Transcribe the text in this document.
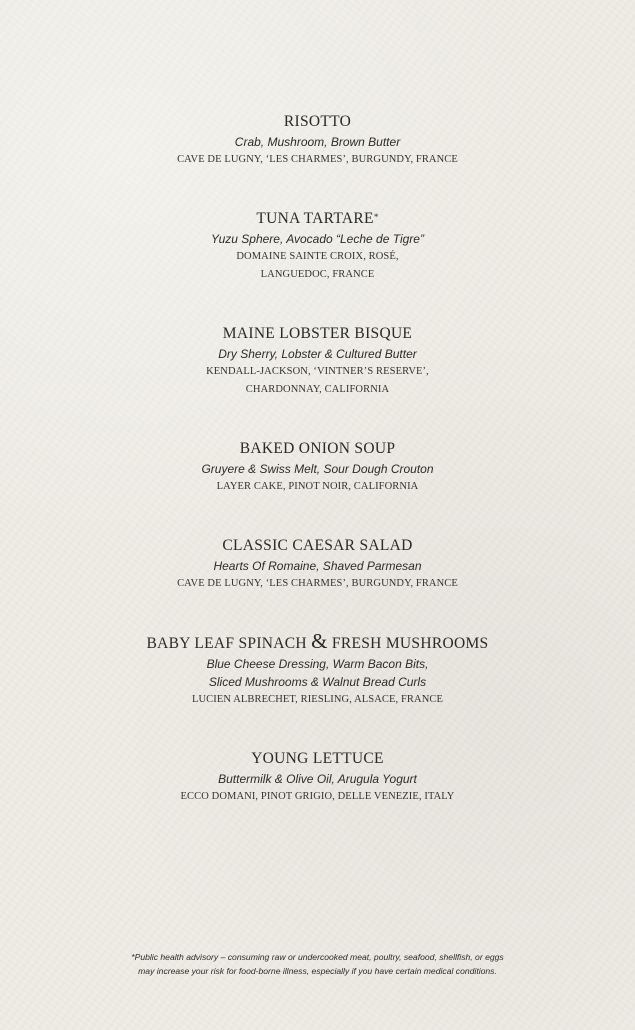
RISOTTO
Crab, Mushroom, Brown Butter
CAVE DE LUGNY, ‘LES CHARMES’, BURGUNDY, FRANCE
TUNA TARTARE*
Yuzu Sphere, Avocado “Leche de Tigre”
DOMAINE SAINTE CROIX, ROSÉ,
LANGUEDOC, FRANCE
MAINE LOBSTER BISQUE
Dry Sherry, Lobster & Cultured Butter
KENDALL-JACKSON, ‘VINTNER’S RESERVE’,
CHARDONNAY, CALIFORNIA
BAKED ONION SOUP
Gruyere & Swiss Melt, Sour Dough Crouton
LAYER CAKE, PINOT NOIR, CALIFORNIA
CLASSIC CAESAR SALAD
Hearts Of Romaine, Shaved Parmesan
CAVE DE LUGNY, ‘LES CHARMES’, BURGUNDY, FRANCE
BABY LEAF SPINACH & FRESH MUSHROOMS
Blue Cheese Dressing, Warm Bacon Bits,
Sliced Mushrooms & Walnut Bread Curls
LUCIEN ALBRECHET, RIESLING, ALSACE, FRANCE
YOUNG LETTUCE
Buttermilk & Olive Oil, Arugula Yogurt
ECCO DOMANI, PINOT GRIGIO, DELLE VENEZIE, ITALY
*Public health advisory – consuming raw or undercooked meat, poultry, seafood, shellfish, or eggs
may increase your risk for food-borne illness, especially if you have certain medical conditions.
